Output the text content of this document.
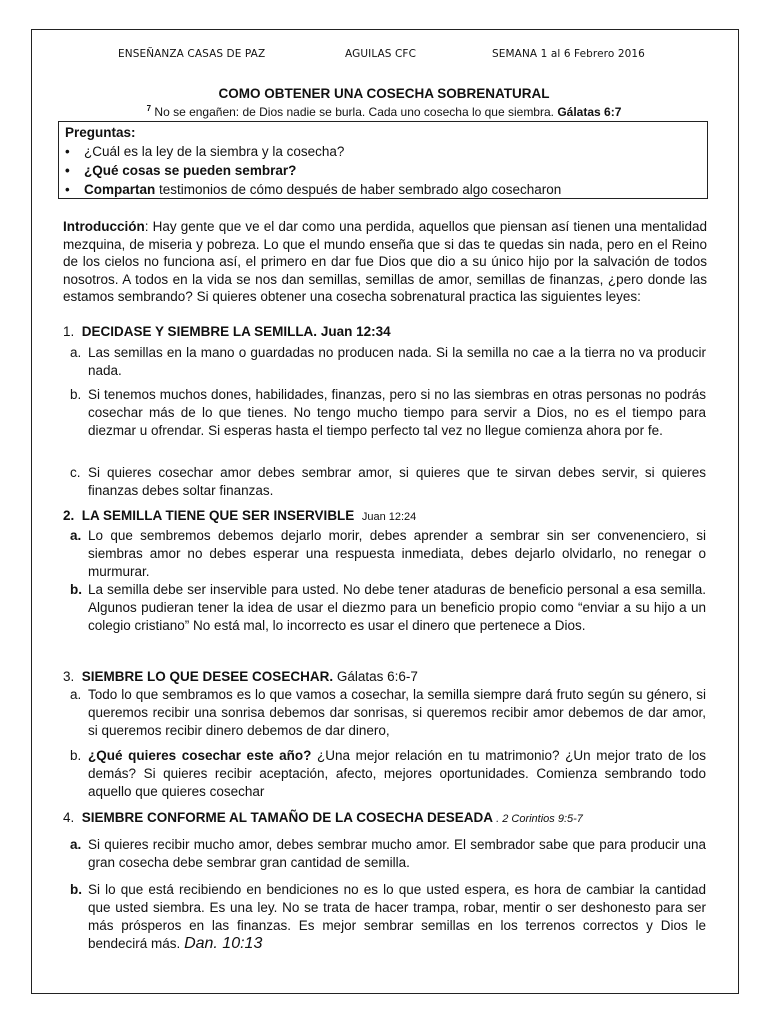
ENSEÑANZA CASAS DE PAZ	AGUILAS CFC	SEMANA 1 al 6 Febrero 2016
COMO OBTENER UNA COSECHA SOBRENATURAL
$^7$ No se engañen: de Dios nadie se burla. Cada uno cosecha lo que siembra. Gálatas 6:7
Preguntas:
• ¿Cuál es la ley de la siembra y la cosecha?
• ¿Qué cosas se pueden sembrar?
• Compartan testimonios de cómo después de haber sembrado algo cosecharon
Introducción: Hay gente que ve el dar como una perdida, aquellos que piensan así tienen una mentalidad mezquina, de miseria y pobreza. Lo que el mundo enseña que si das te quedas sin nada, pero en el Reino de los cielos no funciona así, el primero en dar fue Dios que dio a su único hijo por la salvación de todos nosotros. A todos en la vida se nos dan semillas, semillas de amor, semillas de finanzas, ¿pero donde las estamos sembrando? Si quieres obtener una cosecha sobrenatural practica las siguientes leyes:
1. DECIDASE Y SIEMBRE LA SEMILLA. Juan 12:34
a. Las semillas en la mano o guardadas no producen nada. Si la semilla no cae a la tierra no va producir nada.
b. Si tenemos muchos dones, habilidades, finanzas, pero si no las siembras en otras personas no podrás cosechar más de lo que tienes. No tengo mucho tiempo para servir a Dios, no es el tiempo para diezmar u ofrendar. Si esperas hasta el tiempo perfecto tal vez no llegue comienza ahora por fe.
c. Si quieres cosechar amor debes sembrar amor, si quieres que te sirvan debes servir, si quieres finanzas debes soltar finanzas.
2. LA SEMILLA TIENE QUE SER INSERVIBLE Juan 12:24
a. Lo que sembremos debemos dejarlo morir, debes aprender a sembrar sin ser convenenciero, si siembras amor no debes esperar una respuesta inmediata, debes dejarlo olvidarlo, no renegar o murmurar.
b. La semilla debe ser inservible para usted. No debe tener ataduras de beneficio personal a esa semilla. Algunos pudieran tener la idea de usar el diezmo para un beneficio propio como “enviar a su hijo a un colegio cristiano” No está mal, lo incorrecto es usar el dinero que pertenece a Dios.
3. SIEMBRE LO QUE DESEE COSECHAR. Gálatas 6:6-7
a. Todo lo que sembramos es lo que vamos a cosechar, la semilla siempre dará fruto según su género, si queremos recibir una sonrisa debemos dar sonrisas, si queremos recibir amor debemos de dar amor, si queremos recibir dinero debemos de dar dinero,
b. ¿Qué quieres cosechar este año? ¿Una mejor relación en tu matrimonio? ¿Un mejor trato de los demás? Si quieres recibir aceptación, afecto, mejores oportunidades. Comienza sembrando todo aquello que quieres cosechar
4. SIEMBRE CONFORME AL TAMAÑO DE LA COSECHA DESEADA . 2 Corintios 9:5-7
a. Si quieres recibir mucho amor, debes sembrar mucho amor. El sembrador sabe que para producir una gran cosecha debe sembrar gran cantidad de semilla.
b. Si lo que está recibiendo en bendiciones no es lo que usted espera, es hora de cambiar la cantidad que usted siembra. Es una ley. No se trata de hacer trampa, robar, mentir o ser deshonesto para ser más prósperos en las finanzas. Es mejor sembrar semillas en los terrenos correctos y Dios le bendecirá más. Dan. 10:13
